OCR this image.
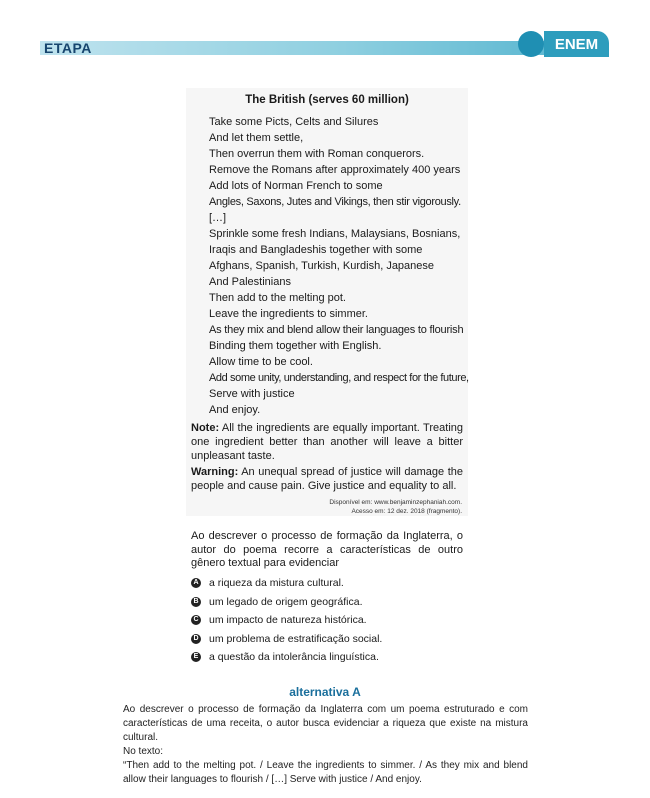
ETAPA	ENEM
The British (serves 60 million)
Take some Picts, Celts and Silures
And let them settle,
Then overrun them with Roman conquerors.
Remove the Romans after approximately 400 years
Add lots of Norman French to some
Angles, Saxons, Jutes and Vikings, then stir vigorously.
[…]
Sprinkle some fresh Indians, Malaysians, Bosnians,
Iraqis and Bangladeshis together with some
Afghans, Spanish, Turkish, Kurdish, Japanese
And Palestinians
Then add to the melting pot.
Leave the ingredients to simmer.
As they mix and blend allow their languages to flourish
Binding them together with English.
Allow time to be cool.
Add some unity, understanding, and respect for the future,
Serve with justice
And enjoy.
Note: All the ingredients are equally important. Treating one ingredient better than another will leave a bitter unpleasant taste.
Warning: An unequal spread of justice will damage the people and cause pain. Give justice and equality to all.
Disponível em: www.benjaminzephaniah.com.
Acesso em: 12 dez. 2018 (fragmento).
Ao descrever o processo de formação da Inglaterra, o autor do poema recorre a características de outro gênero textual para evidenciar
A a riqueza da mistura cultural.
B um legado de origem geográfica.
C um impacto de natureza histórica.
D um problema de estratificação social.
E a questão da intolerância linguística.
alternativa A

Ao descrever o processo de formação da Inglaterra com um poema estruturado e com características de uma receita, o autor busca evidenciar a riqueza que existe na mistura cultural.

No texto:

“Then add to the melting pot. / Leave the ingredients to simmer. / As they mix and blend allow their languages to flourish / […] Serve with justice / And enjoy.
